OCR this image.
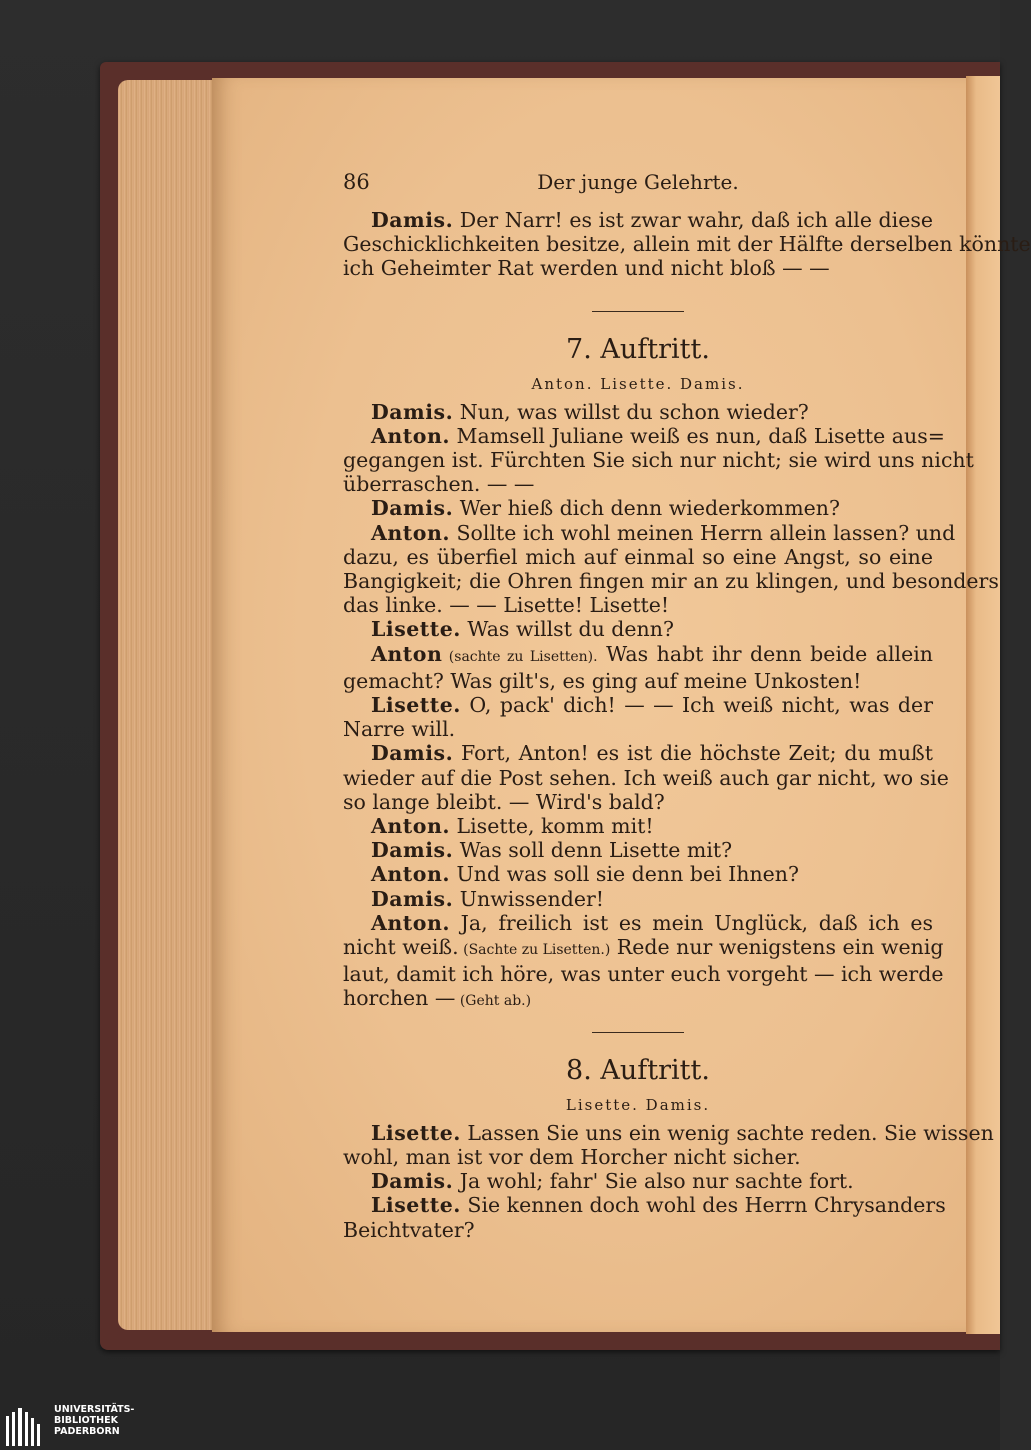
86	Der junge Gelehrte.
Damis. Der Narr! es ist zwar wahr, daß ich alle diese
Geschicklichkeiten besitze, allein mit der Hälfte derselben könnte
ich Geheimter Rat werden und nicht bloß — —
7. Auftritt.
Anton. Lisette. Damis.
Damis. Nun, was willst du schon wieder?
Anton. Mamsell Juliane weiß es nun, daß Lisette aus=
gegangen ist. Fürchten Sie sich nur nicht; sie wird uns nicht
überraschen. — —
Damis. Wer hieß dich denn wiederkommen?
Anton. Sollte ich wohl meinen Herrn allein lassen? und
dazu, es überfiel mich auf einmal so eine Angst, so eine
Bangigkeit; die Ohren fingen mir an zu klingen, und besonders
das linke. — — Lisette! Lisette!
Lisette. Was willst du denn?
Anton (sachte zu Lisetten). Was habt ihr denn beide allein
gemacht? Was gilt's, es ging auf meine Unkosten!
Lisette. O, pack' dich! — — Ich weiß nicht, was der
Narre will.
Damis. Fort, Anton! es ist die höchste Zeit; du mußt
wieder auf die Post sehen. Ich weiß auch gar nicht, wo sie
so lange bleibt. — Wird's bald?
Anton. Lisette, komm mit!
Damis. Was soll denn Lisette mit?
Anton. Und was soll sie denn bei Ihnen?
Damis. Unwissender!
Anton. Ja, freilich ist es mein Unglück, daß ich es
nicht weiß. (Sachte zu Lisetten.) Rede nur wenigstens ein wenig
laut, damit ich höre, was unter euch vorgeht — ich werde
horchen — (Geht ab.)
8. Auftritt.
Lisette. Damis.
Lisette. Lassen Sie uns ein wenig sachte reden. Sie wissen
wohl, man ist vor dem Horcher nicht sicher.
Damis. Ja wohl; fahr' Sie also nur sachte fort.
Lisette. Sie kennen doch wohl des Herrn Chrysanders
Beichtvater?
UNIVERSITÄTS-
BIBLIOTHEK
PADERBORN
